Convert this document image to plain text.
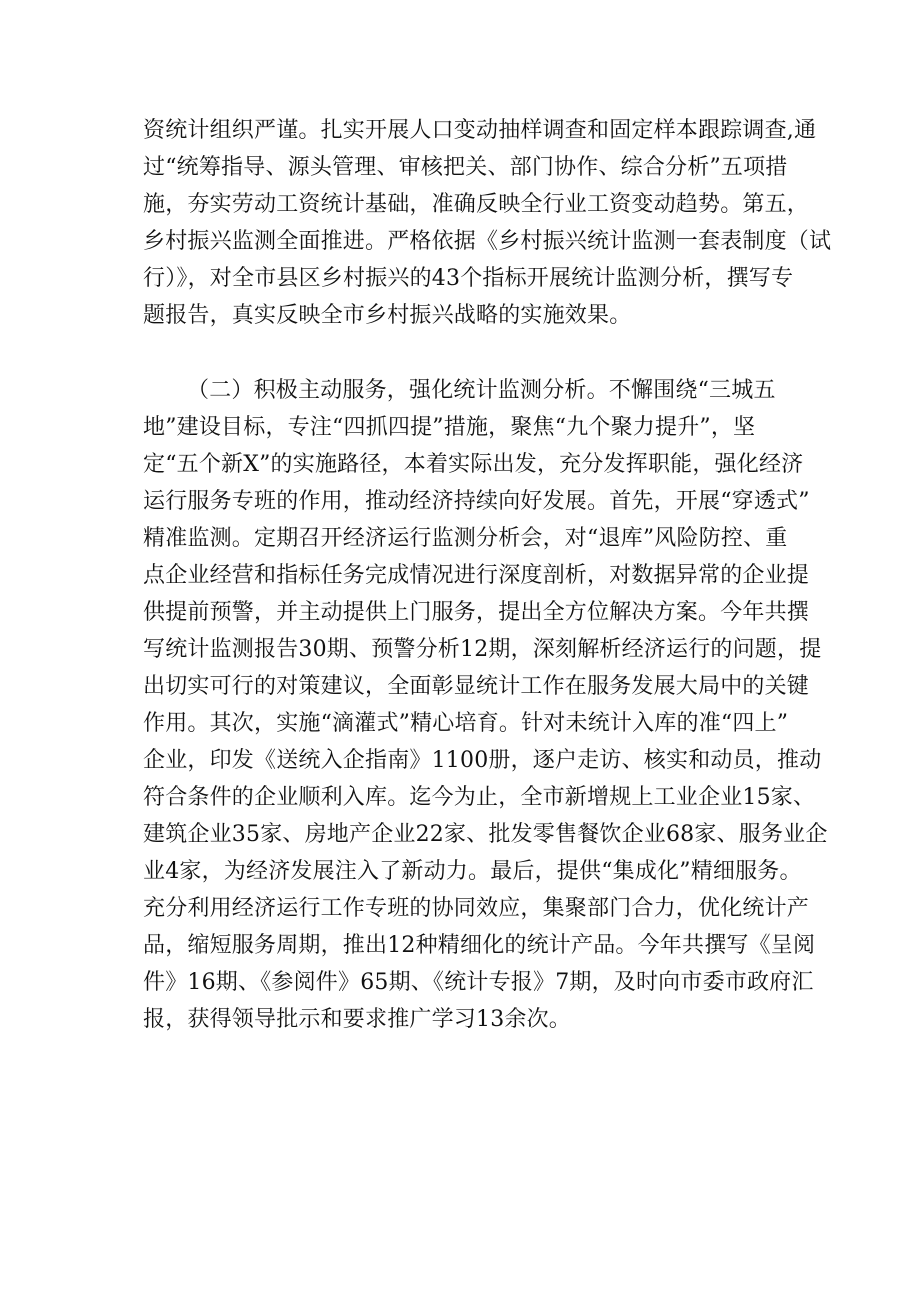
资统计组织严谨。扎实开展人口变动抽样调查和固定样本跟踪调查,通
过“统筹指导、源头管理、审核把关、部门协作、综合分析”五项措
施，夯实劳动工资统计基础，准确反映全行业工资变动趋势。第五，
乡村振兴监测全面推进。严格依据《乡村振兴统计监测一套表制度（试
行）》，对全市县区乡村振兴的43个指标开展统计监测分析，撰写专
题报告，真实反映全市乡村振兴战略的实施效果。
（二）积极主动服务，强化统计监测分析。不懈围绕“三城五
地”建设目标，专注“四抓四提”措施，聚焦“九个聚力提升”，坚
定“五个新X”的实施路径，本着实际出发，充分发挥职能，强化经济
运行服务专班的作用，推动经济持续向好发展。首先，开展“穿透式”
精准监测。定期召开经济运行监测分析会，对“退库”风险防控、重
点企业经营和指标任务完成情况进行深度剖析，对数据异常的企业提
供提前预警，并主动提供上门服务，提出全方位解决方案。今年共撰
写统计监测报告30期、预警分析12期，深刻解析经济运行的问题，提
出切实可行的对策建议，全面彰显统计工作在服务发展大局中的关键
作用。其次，实施“滴灌式”精心培育。针对未统计入库的准“四上”
企业，印发《送统入企指南》1100册，逐户走访、核实和动员，推动
符合条件的企业顺利入库。迄今为止，全市新增规上工业企业15家、
建筑企业35家、房地产企业22家、批发零售餐饮企业68家、服务业企
业4家，为经济发展注入了新动力。最后，提供“集成化”精细服务。
充分利用经济运行工作专班的协同效应，集聚部门合力，优化统计产
品，缩短服务周期，推出12种精细化的统计产品。今年共撰写《呈阅
件》16期、《参阅件》65期、《统计专报》7期，及时向市委市政府汇
报，获得领导批示和要求推广学习13余次。
